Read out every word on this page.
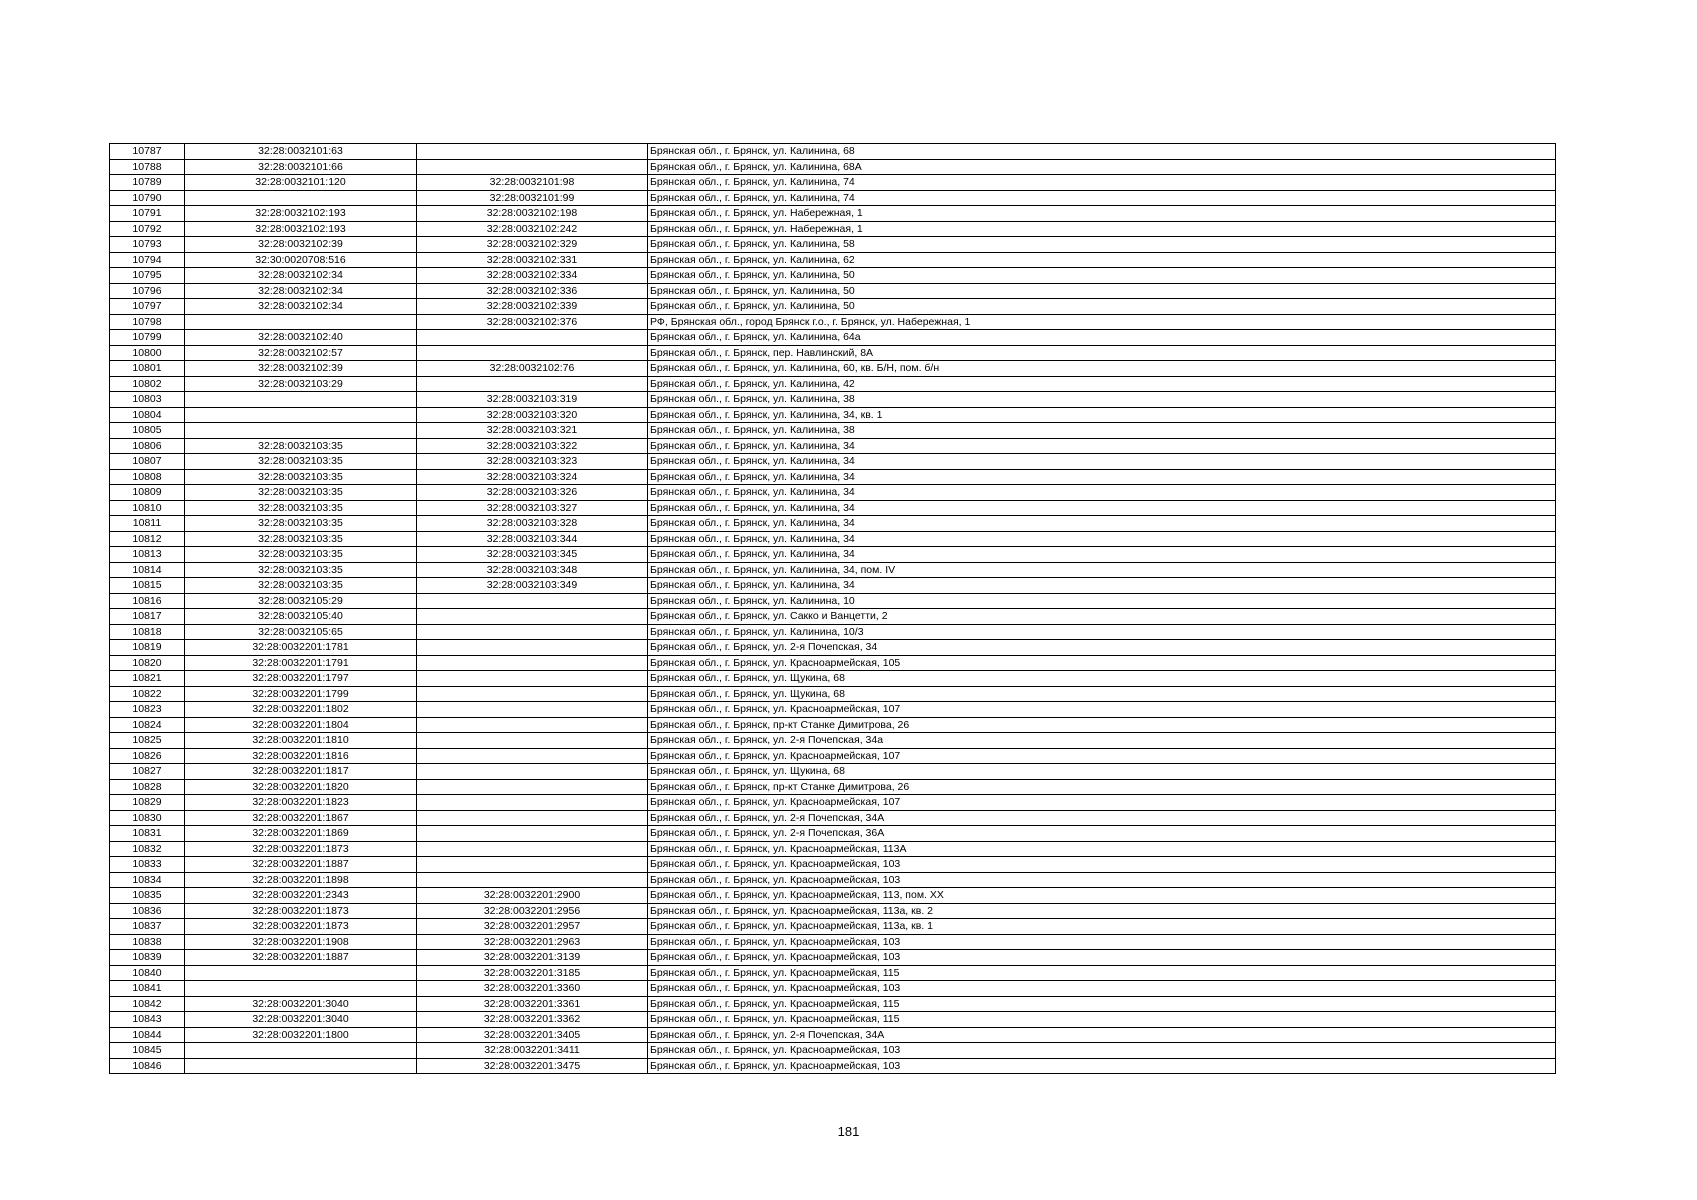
10787	32:28:0032101:63		Брянская обл., г. Брянск, ул. Калинина, 68
10788	32:28:0032101:66		Брянская обл., г. Брянск, ул. Калинина, 68А
10789	32:28:0032101:120	32:28:0032101:98	Брянская обл., г. Брянск, ул. Калинина, 74
10790		32:28:0032101:99	Брянская обл., г. Брянск, ул. Калинина, 74
10791	32:28:0032102:193	32:28:0032102:198	Брянская обл., г. Брянск, ул. Набережная, 1
10792	32:28:0032102:193	32:28:0032102:242	Брянская обл., г. Брянск, ул. Набережная, 1
10793	32:28:0032102:39	32:28:0032102:329	Брянская обл., г. Брянск, ул. Калинина, 58
10794	32:30:0020708:516	32:28:0032102:331	Брянская обл., г. Брянск, ул. Калинина, 62
10795	32:28:0032102:34	32:28:0032102:334	Брянская обл., г. Брянск, ул. Калинина, 50
10796	32:28:0032102:34	32:28:0032102:336	Брянская обл., г. Брянск, ул. Калинина, 50
10797	32:28:0032102:34	32:28:0032102:339	Брянская обл., г. Брянск, ул. Калинина, 50
10798		32:28:0032102:376	РФ, Брянская обл., город Брянск г.о., г. Брянск, ул. Набережная, 1
10799	32:28:0032102:40		Брянская обл., г. Брянск, ул. Калинина, 64а
10800	32:28:0032102:57		Брянская обл., г. Брянск, пер. Навлинский, 8А
10801	32:28:0032102:39	32:28:0032102:76	Брянская обл., г. Брянск, ул. Калинина, 60, кв. Б/Н, пом. б/н
10802	32:28:0032103:29		Брянская обл., г. Брянск, ул. Калинина, 42
10803		32:28:0032103:319	Брянская обл., г. Брянск, ул. Калинина, 38
10804		32:28:0032103:320	Брянская обл., г. Брянск, ул. Калинина, 34, кв. 1
10805		32:28:0032103:321	Брянская обл., г. Брянск, ул. Калинина, 38
10806	32:28:0032103:35	32:28:0032103:322	Брянская обл., г. Брянск, ул. Калинина, 34
10807	32:28:0032103:35	32:28:0032103:323	Брянская обл., г. Брянск, ул. Калинина, 34
10808	32:28:0032103:35	32:28:0032103:324	Брянская обл., г. Брянск, ул. Калинина, 34
10809	32:28:0032103:35	32:28:0032103:326	Брянская обл., г. Брянск, ул. Калинина, 34
10810	32:28:0032103:35	32:28:0032103:327	Брянская обл., г. Брянск, ул. Калинина, 34
10811	32:28:0032103:35	32:28:0032103:328	Брянская обл., г. Брянск, ул. Калинина, 34
10812	32:28:0032103:35	32:28:0032103:344	Брянская обл., г. Брянск, ул. Калинина, 34
10813	32:28:0032103:35	32:28:0032103:345	Брянская обл., г. Брянск, ул. Калинина, 34
10814	32:28:0032103:35	32:28:0032103:348	Брянская обл., г. Брянск, ул. Калинина, 34, пом. IV
10815	32:28:0032103:35	32:28:0032103:349	Брянская обл., г. Брянск, ул. Калинина, 34
10816	32:28:0032105:29		Брянская обл., г. Брянск, ул. Калинина, 10
10817	32:28:0032105:40		Брянская обл., г. Брянск, ул. Сакко и Ванцетти, 2
10818	32:28:0032105:65		Брянская обл., г. Брянск, ул. Калинина, 10/3
10819	32:28:0032201:1781		Брянская обл., г. Брянск, ул. 2-я Почепская, 34
10820	32:28:0032201:1791		Брянская обл., г. Брянск, ул. Красноармейская, 105
10821	32:28:0032201:1797		Брянская обл., г. Брянск, ул. Щукина, 68
10822	32:28:0032201:1799		Брянская обл., г. Брянск, ул. Щукина, 68
10823	32:28:0032201:1802		Брянская обл., г. Брянск, ул. Красноармейская, 107
10824	32:28:0032201:1804		Брянская обл., г. Брянск, пр-кт Станке Димитрова, 26
10825	32:28:0032201:1810		Брянская обл., г. Брянск, ул. 2-я Почепская, 34а
10826	32:28:0032201:1816		Брянская обл., г. Брянск, ул. Красноармейская, 107
10827	32:28:0032201:1817		Брянская обл., г. Брянск, ул. Щукина, 68
10828	32:28:0032201:1820		Брянская обл., г. Брянск, пр-кт Станке Димитрова, 26
10829	32:28:0032201:1823		Брянская обл., г. Брянск, ул. Красноармейская, 107
10830	32:28:0032201:1867		Брянская обл., г. Брянск, ул. 2-я Почепская, 34А
10831	32:28:0032201:1869		Брянская обл., г. Брянск, ул. 2-я Почепская, 36А
10832	32:28:0032201:1873		Брянская обл., г. Брянск, ул. Красноармейская, 113А
10833	32:28:0032201:1887		Брянская обл., г. Брянск, ул. Красноармейская, 103
10834	32:28:0032201:1898		Брянская обл., г. Брянск, ул. Красноармейская, 103
10835	32:28:0032201:2343	32:28:0032201:2900	Брянская обл., г. Брянск, ул. Красноармейская, 113, пом. XX
10836	32:28:0032201:1873	32:28:0032201:2956	Брянская обл., г. Брянск, ул. Красноармейская, 113а, кв. 2
10837	32:28:0032201:1873	32:28:0032201:2957	Брянская обл., г. Брянск, ул. Красноармейская, 113а, кв. 1
10838	32:28:0032201:1908	32:28:0032201:2963	Брянская обл., г. Брянск, ул. Красноармейская, 103
10839	32:28:0032201:1887	32:28:0032201:3139	Брянская обл., г. Брянск, ул. Красноармейская, 103
10840		32:28:0032201:3185	Брянская обл., г. Брянск, ул. Красноармейская, 115
10841		32:28:0032201:3360	Брянская обл., г. Брянск, ул. Красноармейская, 103
10842	32:28:0032201:3040	32:28:0032201:3361	Брянская обл., г. Брянск, ул. Красноармейская, 115
10843	32:28:0032201:3040	32:28:0032201:3362	Брянская обл., г. Брянск, ул. Красноармейская, 115
10844	32:28:0032201:1800	32:28:0032201:3405	Брянская обл., г. Брянск, ул. 2-я Почепская, 34А
10845		32:28:0032201:3411	Брянская обл., г. Брянск, ул. Красноармейская, 103
10846		32:28:0032201:3475	Брянская обл., г. Брянск, ул. Красноармейская, 103
181
